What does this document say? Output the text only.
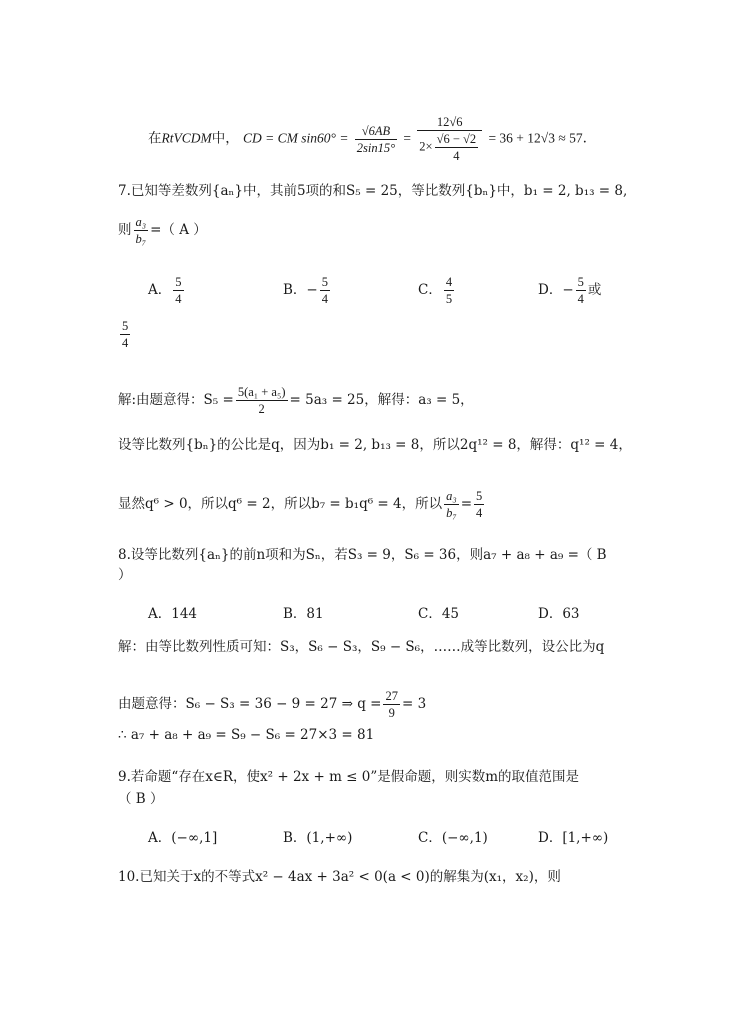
在RtVCDM中， CD = CM $\sin 60^\circ = \frac{√6AB}{2\sin 15^\circ} = \frac{12√6}{2\times \frac{√6 - √2}{4}} = 36 + 12√3 \approx 57$.
7.已知等差数列{aₙ}中，其前5项的和S₅ = 25，等比数列{bₙ}中，b₁ = 2, b₁₃ = 8,
则 $\frac{\text{a₃}}{\text{b₇}}$ =（ A ）
A． $\frac{5}{4}$	B．− $\frac{5}{4}$	C． $\frac{4}{5}$	D．− $\frac{5}{4}$ 或
$\frac{5}{4}$
解:由题意得：$S_5 = \frac{\text{5(a₁ + a₅)}}{2} = 5a_3 = 25$，解得：a₃ = 5，
设等比数列{bₙ}的公比是q，因为b₁ = 2, b₁₃ = 8，所以2q¹² = 8，解得：q¹² = 4，
显然q⁶ > 0，所以q⁶ = 2，所以b₇ = b₁q⁶ = 4，所以 $\frac{\text{a₃}}{\text{b₇}} = \frac{5}{4}$
8.设等比数列{aₙ}的前n项和为Sₙ，若S₃ = 9，S₆ = 36，则a₇ + a₈ + a₉ =（ B
）
A．144	B．81	C．45	D．63
解：由等比数列性质可知：S₃，S₆ − S₃，S₉ − S₆，……成等比数列，设公比为q
由题意得：S₆ − S₃ = 36 − 9 = 27 ⇒ $q = \frac{27}{9} = 3$
∴ a₇ + a₈ + a₉ = S₉ − S₆ = 27×3 = 81
9.若命题“存在x∈R，使x² + 2x + m ≤ 0”是假命题，则实数m的取值范围是
（ B ）
A．(−∞,1]	B．(1,+∞)	C．(−∞,1)	D．[1,+∞)
10.已知关于x的不等式x² − 4ax + 3a² < 0(a < 0)的解集为(x₁，x₂)，则
